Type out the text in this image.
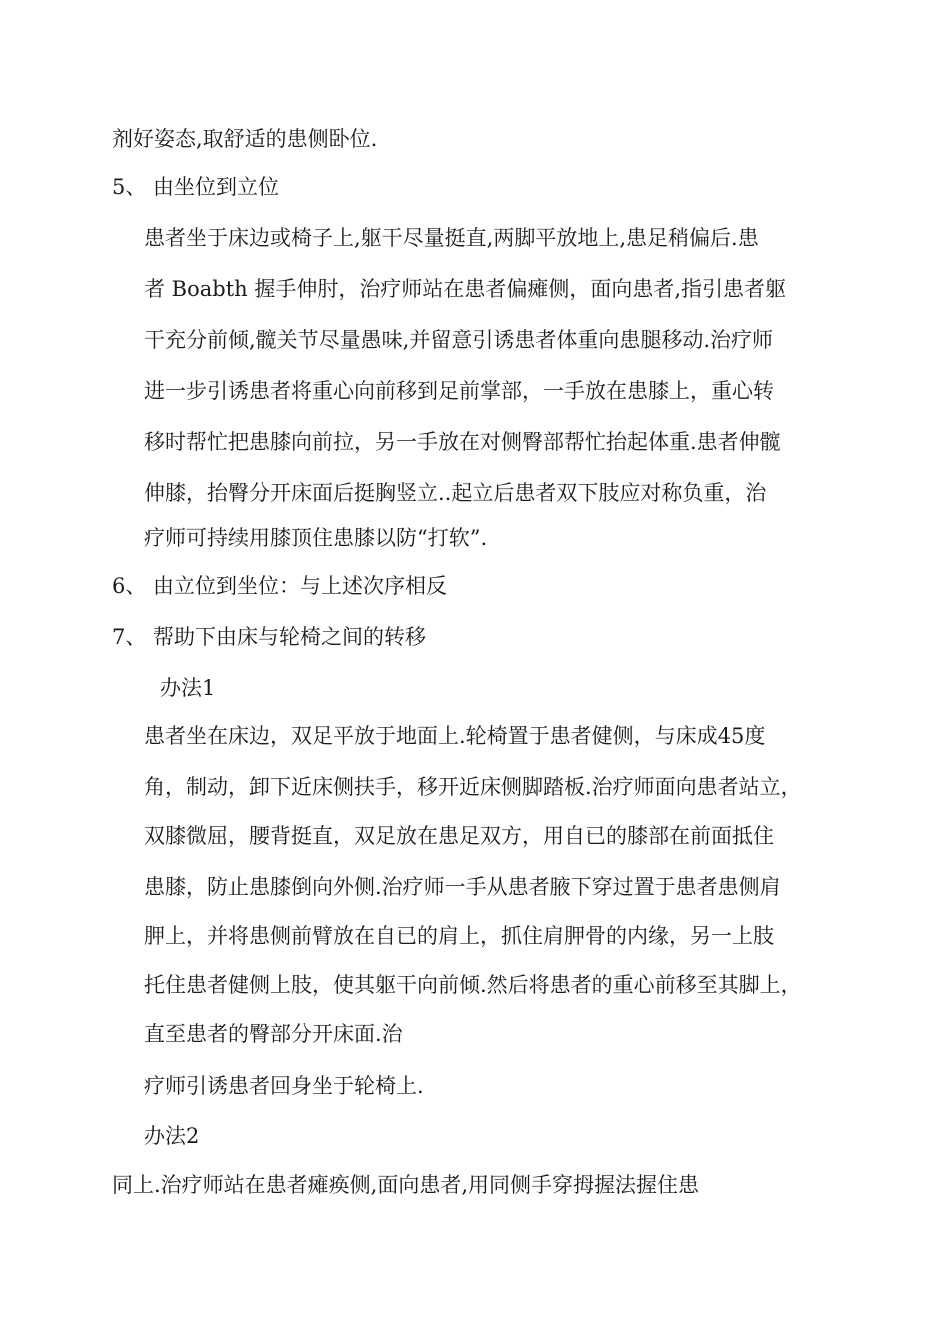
剂好姿态,取舒适的患侧卧位.
5、 由坐位到立位
患者坐于床边或椅子上,躯干尽量挺直,两脚平放地上,患足稍偏后.患
者 Boabth 握手伸肘，治疗师站在患者偏瘫侧，面向患者,指引患者躯
干充分前倾,髋关节尽量愚味,并留意引诱患者体重向患腿移动.治疗师
进一步引诱患者将重心向前移到足前掌部，一手放在患膝上，重心转
移时帮忙把患膝向前拉，另一手放在对侧臀部帮忙抬起体重.患者伸髋
伸膝，抬臀分开床面后挺胸竖立..起立后患者双下肢应对称负重，治
疗师可持续用膝顶住患膝以防“打软”.
6、 由立位到坐位：与上述次序相反
7、 帮助下由床与轮椅之间的转移
办法1
患者坐在床边，双足平放于地面上.轮椅置于患者健侧，与床成45度
角，制动，卸下近床侧扶手，移开近床侧脚踏板.治疗师面向患者站立，
双膝微屈，腰背挺直，双足放在患足双方，用自已的膝部在前面抵住
患膝，防止患膝倒向外侧.治疗师一手从患者腋下穿过置于患者患侧肩
胛上，并将患侧前臂放在自已的肩上，抓住肩胛骨的内缘，另一上肢
托住患者健侧上肢，使其躯干向前倾.然后将患者的重心前移至其脚上，
直至患者的臀部分开床面.治
疗师引诱患者回身坐于轮椅上.
办法2
同上.治疗师站在患者瘫痪侧,面向患者,用同侧手穿拇握法握住患
